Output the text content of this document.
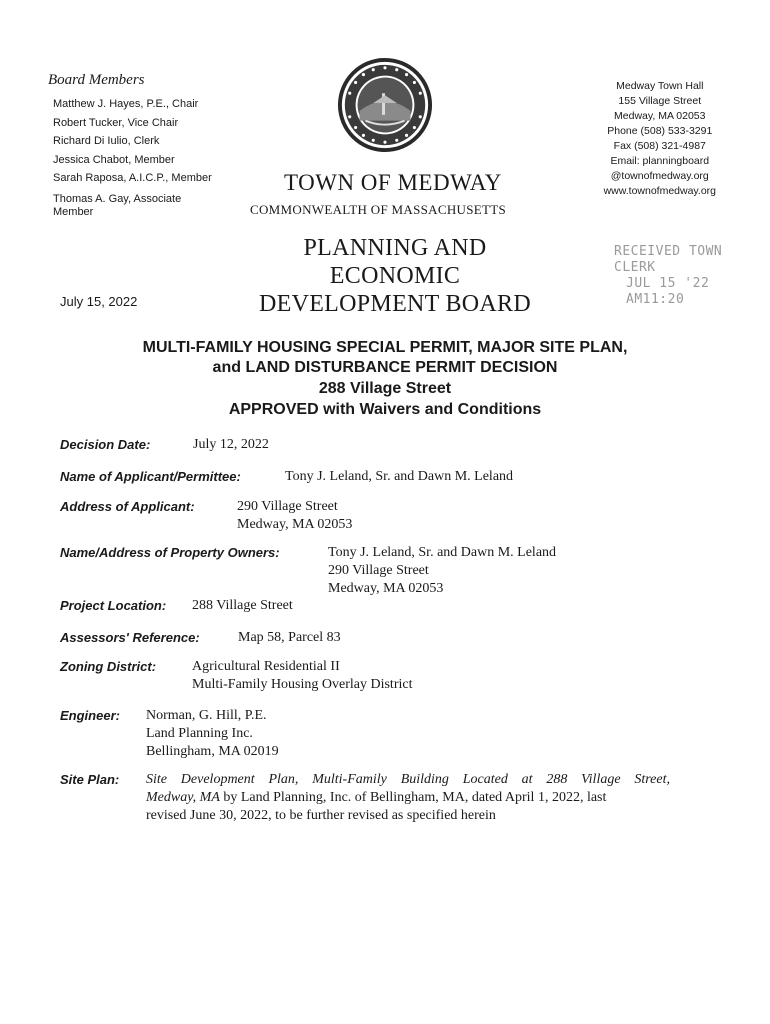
Board Members
Matthew J. Hayes, P.E., Chair
Robert Tucker, Vice Chair
Richard Di Iulio, Clerk
Jessica Chabot, Member
Sarah Raposa, A.I.C.P., Member
Thomas A. Gay, Associate
Member
TOWN OF MEDWAY
COMMONWEALTH OF MASSACHUSETTS
Medway Town Hall
155 Village Street
Medway, MA 02053
Phone (508) 533-3291
Fax (508) 321-4987
Email: planningboard
@townofmedway.org
www.townofmedway.org
PLANNING AND ECONOMIC
DEVELOPMENT BOARD
RECEIVED TOWN CLERK
JUL 15 '22 AM11:20
July 15, 2022
MULTI-FAMILY HOUSING SPECIAL PERMIT, MAJOR SITE PLAN,
and LAND DISTURBANCE PERMIT DECISION
288 Village Street
APPROVED with Waivers and Conditions
Decision Date:	July 12, 2022
Name of Applicant/Permittee:	Tony J. Leland, Sr. and Dawn M. Leland
Address of Applicant:	290 Village Street
Medway, MA 02053
Name/Address of Property Owners:	Tony J. Leland, Sr. and Dawn M. Leland
290 Village Street
Medway, MA 02053
Project Location: 288 Village Street
Assessors' Reference:	Map 58, Parcel 83
Zoning District:	Agricultural Residential II
Multi-Family Housing Overlay District
Engineer: Norman, G. Hill, P.E.
Land Planning Inc.
Bellingham, MA 02019
Site Plan: Site Development Plan, Multi-Family Building Located at 288 Village Street,
Medway, MA by Land Planning, Inc. of Bellingham, MA, dated April 1, 2022, last
revised June 30, 2022, to be further revised as specified herein
